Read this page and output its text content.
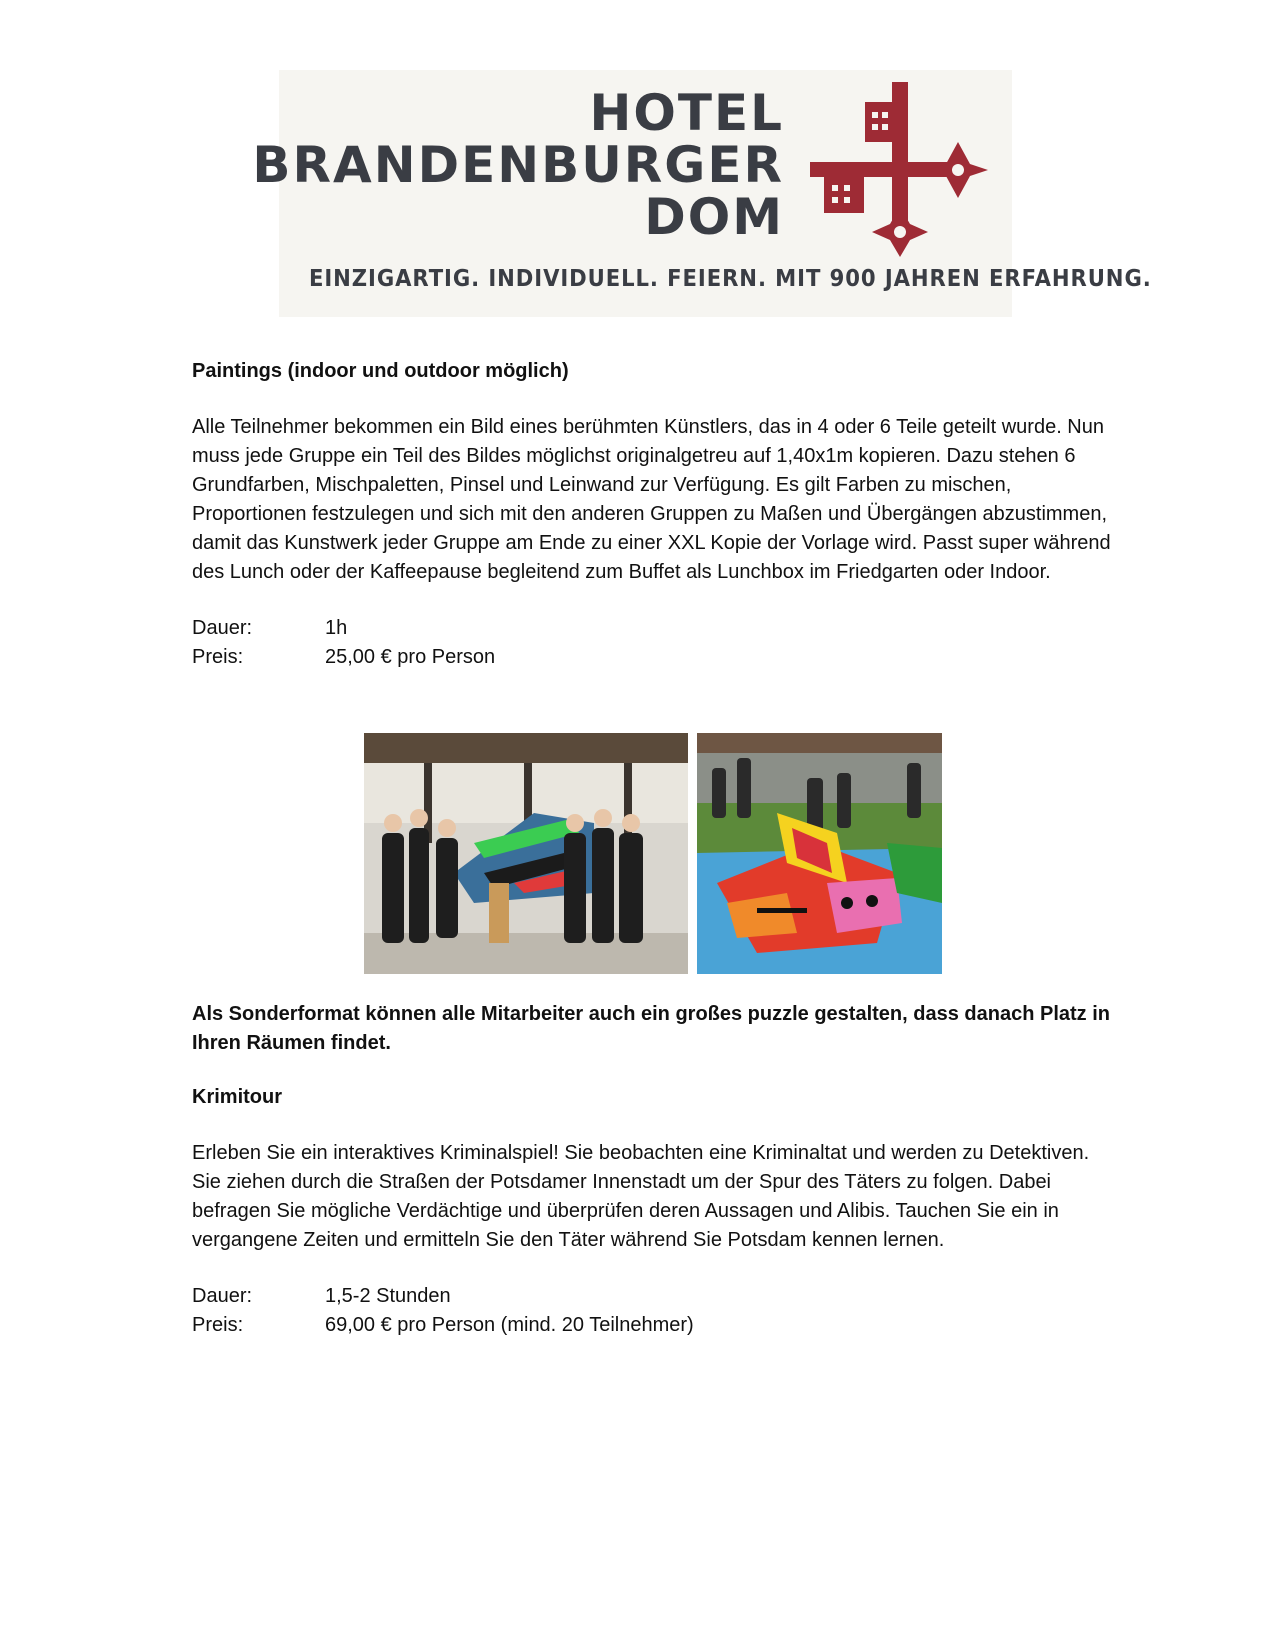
HOTEL
BRANDENBURGER
DOM
EINZIGARTIG. INDIVIDUELL. FEIERN. MIT 900 JAHREN ERFAHRUNG.

Paintings (indoor und outdoor möglich)

Alle Teilnehmer bekommen ein Bild eines berühmten Künstlers, das in 4 oder 6 Teile geteilt wurde. Nun muss jede Gruppe ein Teil des Bildes möglichst originalgetreu auf 1,40x1m kopieren. Dazu stehen 6 Grundfarben, Mischpaletten, Pinsel und Leinwand zur Verfügung. Es gilt Farben zu mischen, Proportionen festzulegen und sich mit den anderen Gruppen zu Maßen und Übergängen abzustimmen, damit das Kunstwerk jeder Gruppe am Ende zu einer XXL Kopie der Vorlage wird. Passt super während des Lunch oder der Kaffeepause begleitend zum Buffet als Lunchbox im Friedgarten oder Indoor.

Dauer:	1h
Preis:	25,00 € pro Person

Als Sonderformat können alle Mitarbeiter auch ein großes puzzle gestalten, dass danach Platz in Ihren Räumen findet.

Krimitour

Erleben Sie ein interaktives Kriminalspiel! Sie beobachten eine Kriminaltat und werden zu Detektiven. Sie ziehen durch die Straßen der Potsdamer Innenstadt um der Spur des Täters zu folgen. Dabei befragen Sie mögliche Verdächtige und überprüfen deren Aussagen und Alibis. Tauchen Sie ein in vergangene Zeiten und ermitteln Sie den Täter während Sie Potsdam kennen lernen.

Dauer:	1,5-2 Stunden
Preis:	69,00 € pro Person (mind. 20 Teilnehmer)
